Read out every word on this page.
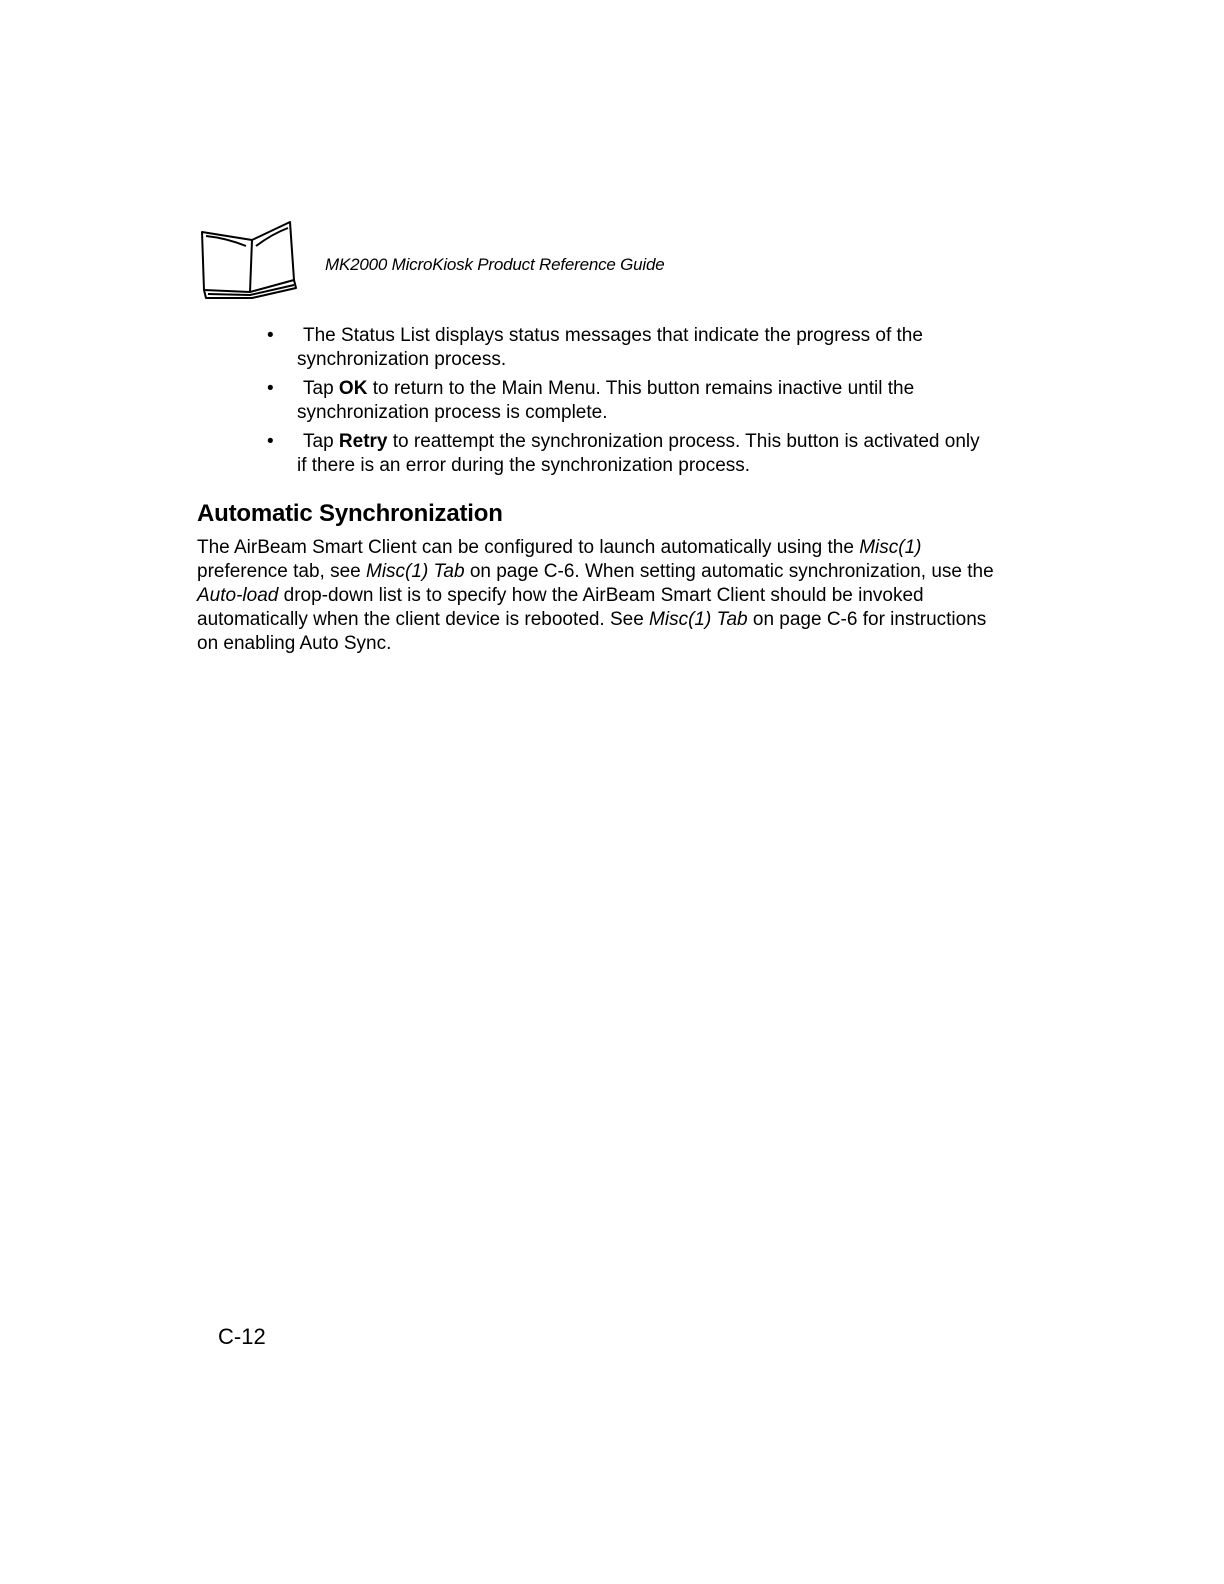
MK2000 MicroKiosk Product Reference Guide
• The Status List displays status messages that indicate the progress of the synchronization process.
• Tap OK to return to the Main Menu. This button remains inactive until the synchronization process is complete.
• Tap Retry to reattempt the synchronization process. This button is activated only if there is an error during the synchronization process.
Automatic Synchronization

The AirBeam Smart Client can be configured to launch automatically using the Misc(1) preference tab, see Misc(1) Tab on page C-6. When setting automatic synchronization, use the Auto-load drop-down list is to specify how the AirBeam Smart Client should be invoked automatically when the client device is rebooted. See Misc(1) Tab on page C-6 for instructions on enabling Auto Sync.

C-12
